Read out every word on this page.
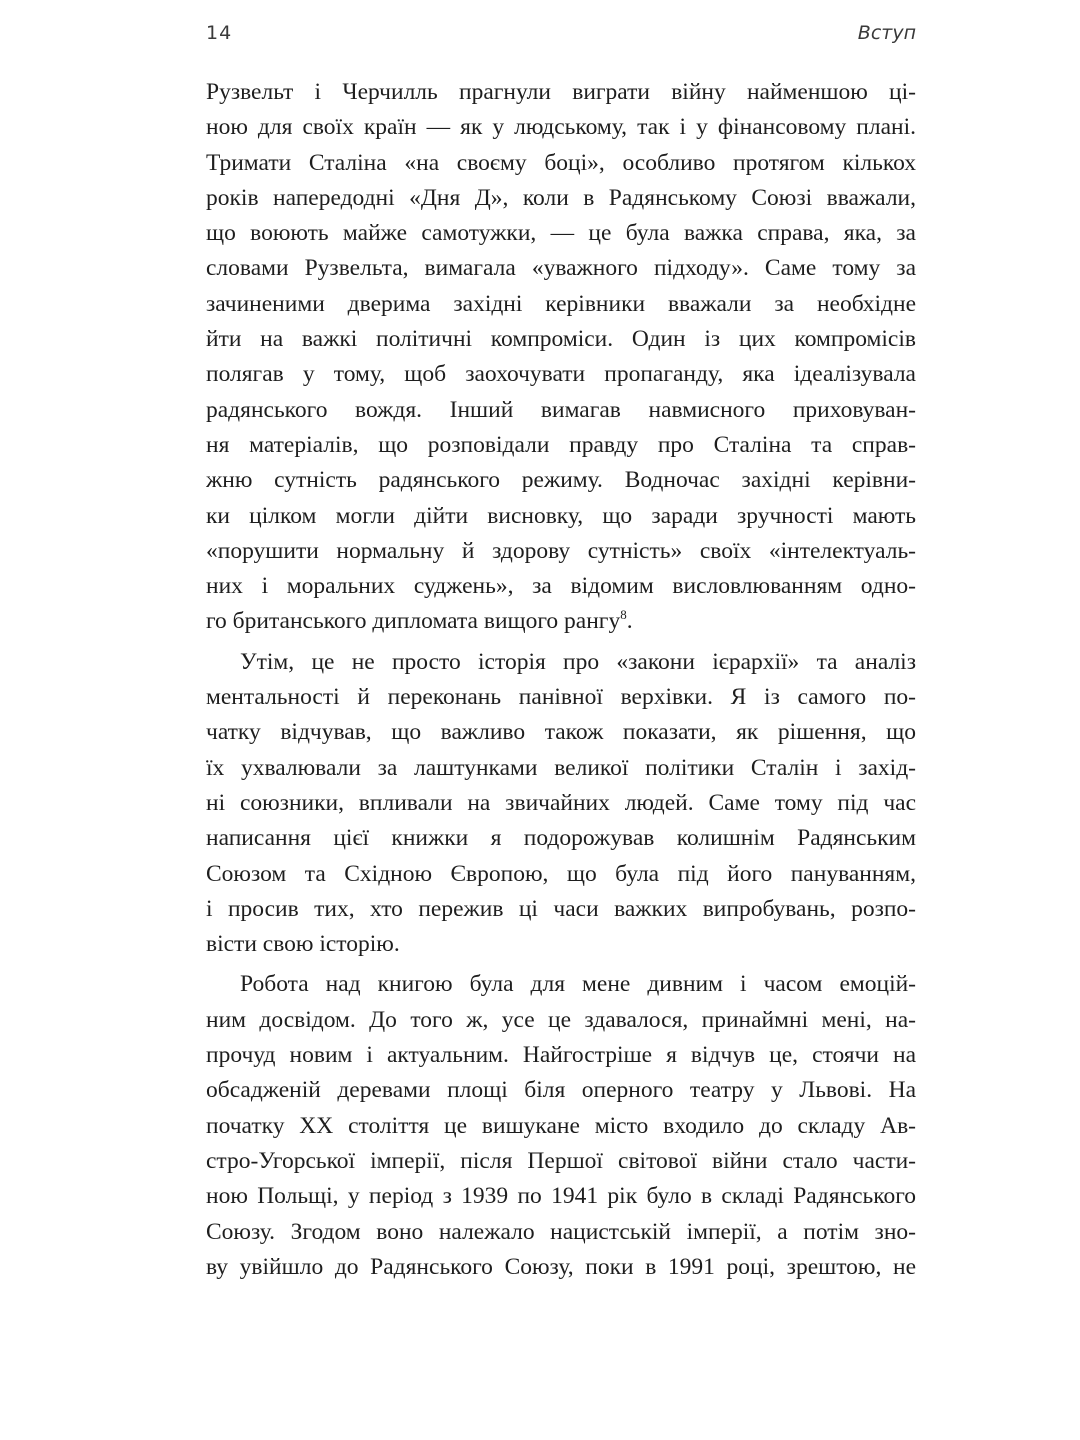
14	Вступ
Рузвельт і Черчилль прагнули виграти війну найменшою ці-
ною для своїх країн — як у людському, так і у фінансовому плані.
Тримати Сталіна «на своєму боці», особливо протягом кількох
років напередодні «Дня Д», коли в Радянському Союзі вважали,
що воюють майже самотужки, — це була важка справа, яка, за
словами Рузвельта, вимагала «уважного підходу». Саме тому за
зачиненими дверима західні керівники вважали за необхідне
йти на важкі політичні компроміси. Один із цих компромісів
полягав у тому, щоб заохочувати пропаганду, яка ідеалізувала
радянського вождя. Інший вимагав навмисного приховуван-
ня матеріалів, що розповідали правду про Сталіна та справ-
жню сутність радянського режиму. Водночас західні керівни-
ки цілком могли дійти висновку, що заради зручності мають
«порушити нормальну й здорову сутність» своїх «інтелектуаль-
них і моральних суджень», за відомим висловлюванням одно-
го британського дипломата вищого рангу$^8$.
Утім, це не просто історія про «закони ієрархії» та аналіз
ментальності й переконань панівної верхівки. Я із самого по-
чатку відчував, що важливо також показати, як рішення, що
їх ухвалювали за лаштунками великої політики Сталін і захід-
ні союзники, впливали на звичайних людей. Саме тому під час
написання цієї книжки я подорожував колишнім Радянським
Союзом та Східною Європою, що була під його пануванням,
і просив тих, хто пережив ці часи важких випробувань, розпо-
вісти свою історію.
Робота над книгою була для мене дивним і часом емоцій-
ним досвідом. До того ж, усе це здавалося, принаймні мені, на-
прочуд новим і актуальним. Найгостріше я відчув це, стоячи на
обсадженій деревами площі біля оперного театру у Львові. На
початку XX століття це вишукане місто входило до складу Ав-
стро-Угорської імперії, після Першої світової війни стало части-
ною Польщі, у період з 1939 по 1941 рік було в складі Радянського
Союзу. Згодом воно належало нацистській імперії, а потім зно-
ву увійшло до Радянського Союзу, поки в 1991 році, зрештою, не
